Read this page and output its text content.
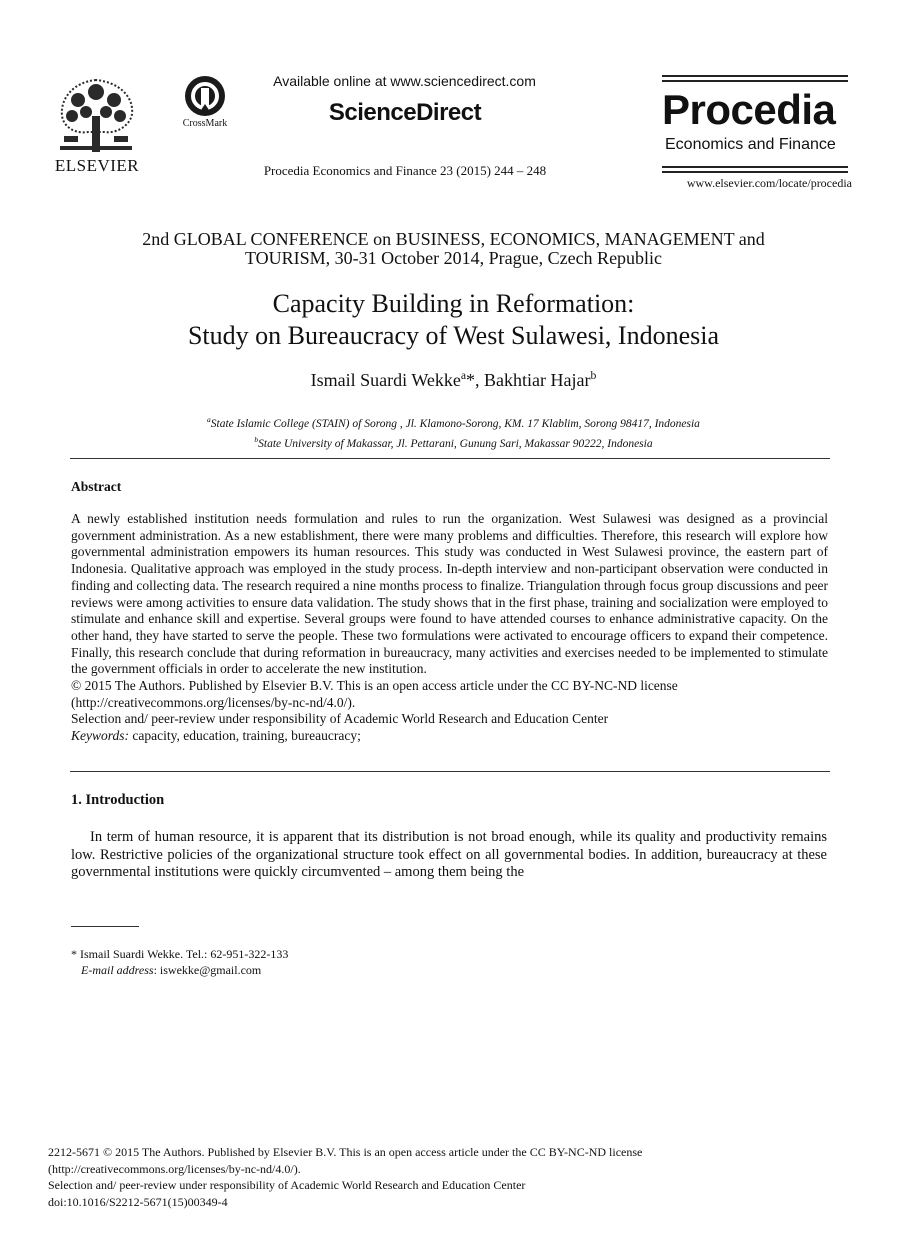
ELSEVIER
CrossMark
Available online at www.sciencedirect.com
ScienceDirect
Procedia Economics and Finance 23 (2015) 244 – 248
Procedia
Economics and Finance
www.elsevier.com/locate/procedia
2nd GLOBAL CONFERENCE on BUSINESS, ECONOMICS, MANAGEMENT and
TOURISM, 30-31 October 2014, Prague, Czech Republic
Capacity Building in Reformation:
Study on Bureaucracy of West Sulawesi, Indonesia
Ismail Suardi Wekke$^a$*, Bakhtiar Hajar$^b$
$^a$State Islamic College (STAIN) of Sorong , Jl. Klamono-Sorong, KM. 17 Klablim, Sorong 98417, Indonesia
$^b$State University of Makassar, Jl. Pettarani, Gunung Sari, Makassar 90222, Indonesia
Abstract

A newly established institution needs formulation and rules to run the organization. West Sulawesi was designed as a provincial government administration. As a new establishment, there were many problems and difficulties. Therefore, this research will explore how governmental administration empowers its human resources. This study was conducted in West Sulawesi province, the eastern part of Indonesia. Qualitative approach was employed in the study process. In-depth interview and non-participant observation were conducted in finding and collecting data. The research required a nine months process to finalize. Triangulation through focus group discussions and peer reviews were among activities to ensure data validation. The study shows that in the first phase, training and socialization were employed to stimulate and enhance skill and expertise. Several groups were found to have attended courses to enhance administrative capacity. On the other hand, they have started to serve the people. These two formulations were activated to encourage officers to expand their competence. Finally, this research conclude that during reformation in bureaucracy, many activities and exercises needed to be implemented to stimulate the government officials in order to accelerate the new institution.

© 2015 The Authors. Published by Elsevier B.V. This is an open access article under the CC BY-NC-ND license

(http://creativecommons.org/licenses/by-nc-nd/4.0/).

Selection and/ peer-review under responsibility of Academic World Research and Education Center

Keywords: capacity, education, training, bureaucracy;

1. Introduction

In term of human resource, it is apparent that its distribution is not broad enough, while its quality and productivity remains low. Restrictive policies of the organizational structure took effect on all governmental bodies. In addition, bureaucracy at these governmental institutions were quickly circumvented – among them being the

* Ismail Suardi Wekke. Tel.: 62-951-322-133
E-mail address: iswekke@gmail.com
2212-5671 © 2015 The Authors. Published by Elsevier B.V. This is an open access article under the CC BY-NC-ND license
(http://creativecommons.org/licenses/by-nc-nd/4.0/).
Selection and/ peer-review under responsibility of Academic World Research and Education Center
doi:10.1016/S2212-5671(15)00349-4
